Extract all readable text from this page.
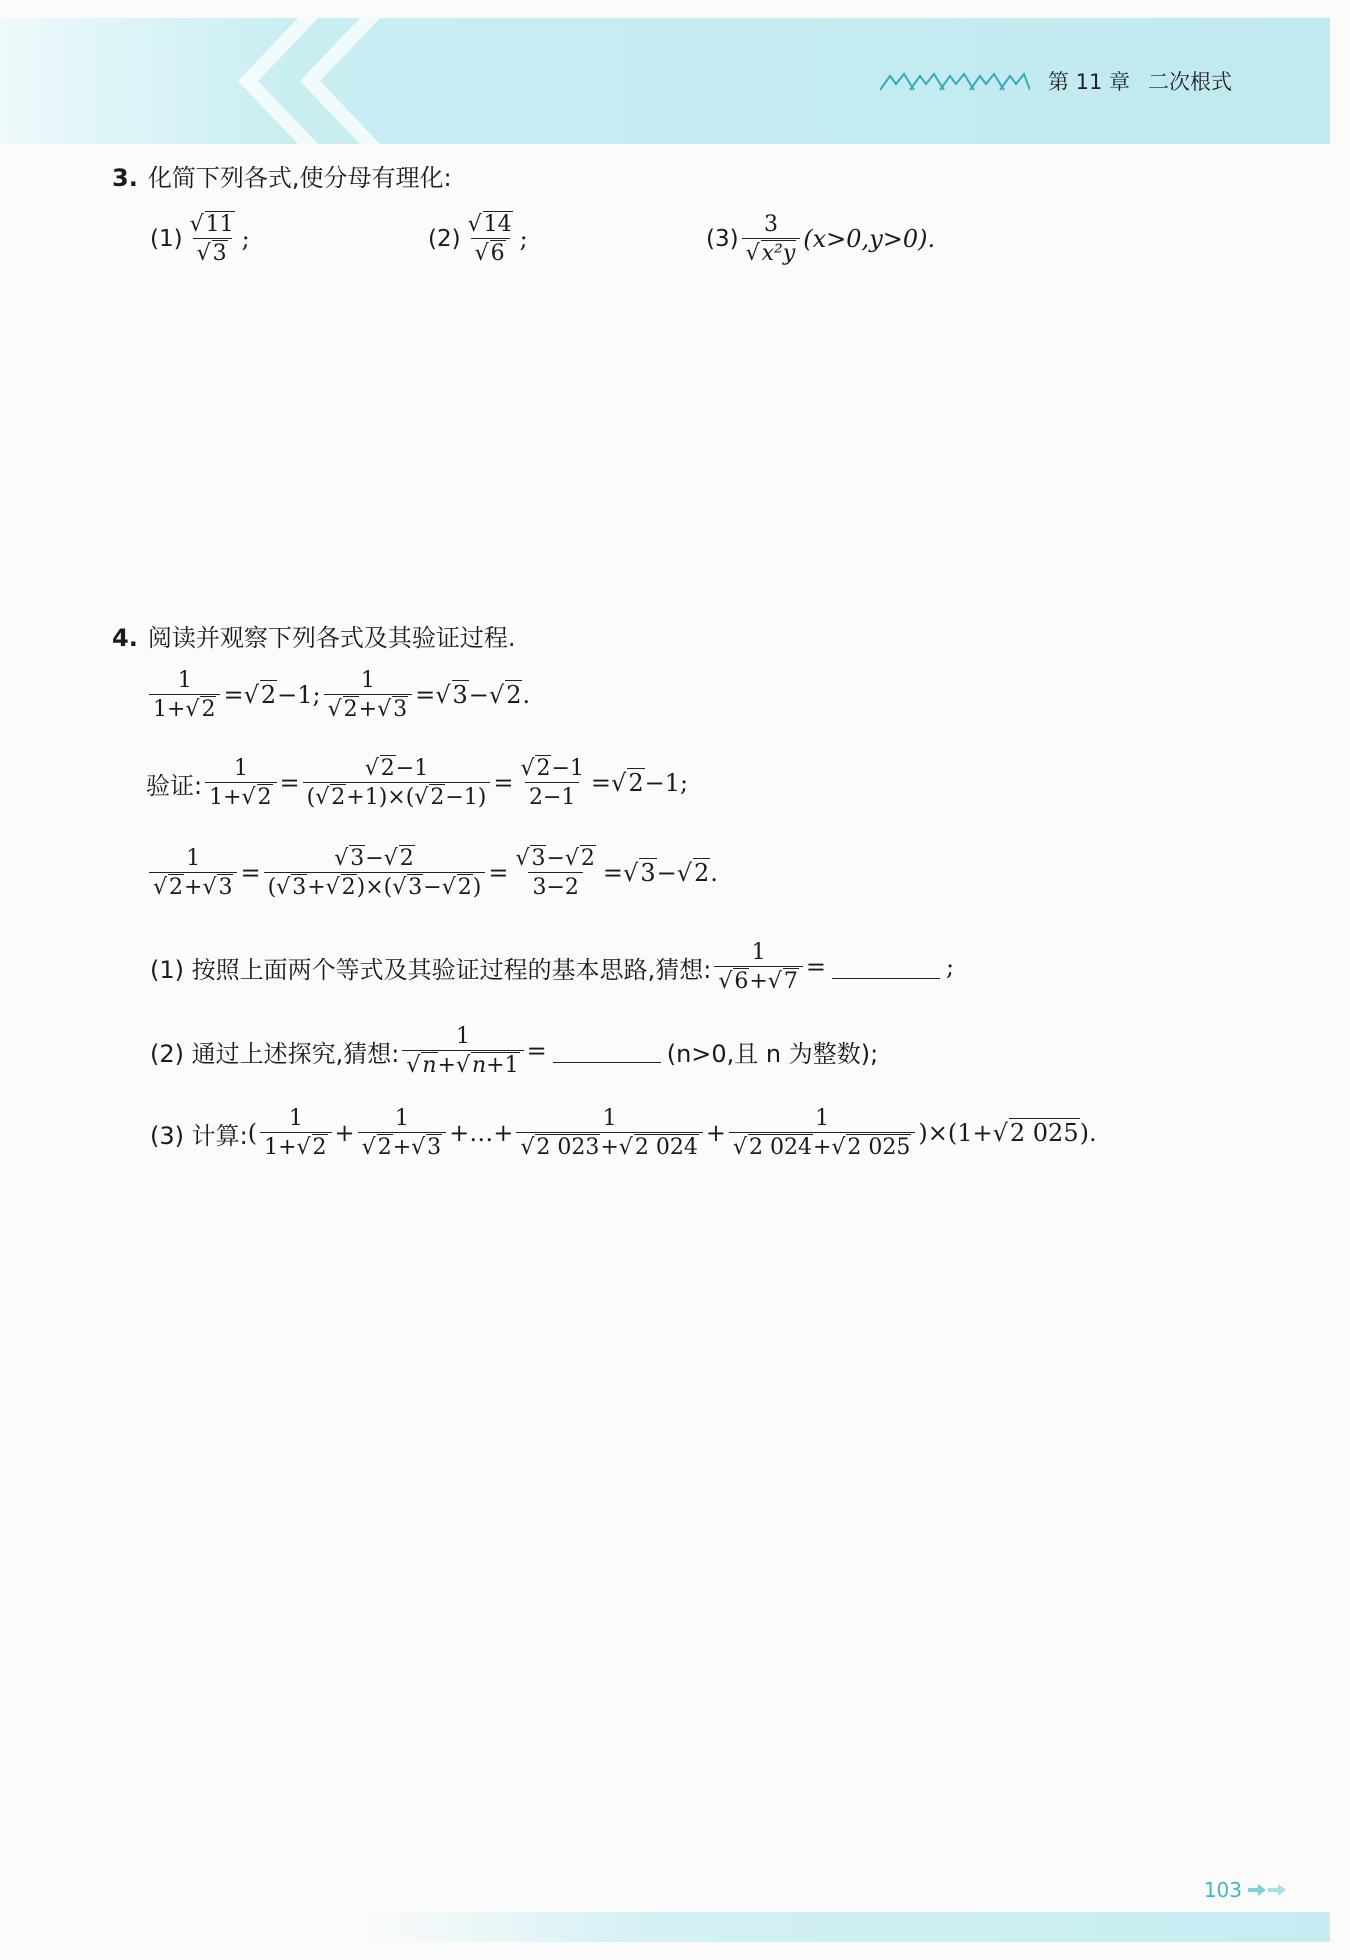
第 11 章 二次根式
3. 化简下列各式,使分母有理化:
$(1) \frac{√11}{√3}$ ;	$(2) \frac{√14}{√6}$ ;	$(3) \frac{3}{\text{√x²y}} (x>0,y>0)$.
4. 阅读并观察下列各式及其验证过程.
$\frac{1}{1+√2} =√2-1$; $\frac{1}{√2+√3} =√3-√2$.
验证: $\frac{1}{1+√2} = \frac{√2-1}{(√2+1)\times(√2-1)} = \frac{√2-1}{2-1} =√2-1$;
$\frac{1}{√2+√3} = \frac{√3-√2}{(√3+√2)\times(√3-√2)} = \frac{√3-√2}{3-2} =√3-√2$.
(1) 按照上面两个等式及其验证过程的基本思路,猜想: $\frac{1}{√6+√7}$ =	;
(2) 通过上述探究,猜想: $\frac{1}{√n+√n+1}$ =	(n>0,且 n 为整数);
(3) 计算: ( $\frac{1}{1+√2} + \frac{1}{√2+√3}$ +…+ $\frac{1}{√2 023+√2 024} + \frac{1}{√2 024+√2 025} )\times(1+√2$ 025).
103
